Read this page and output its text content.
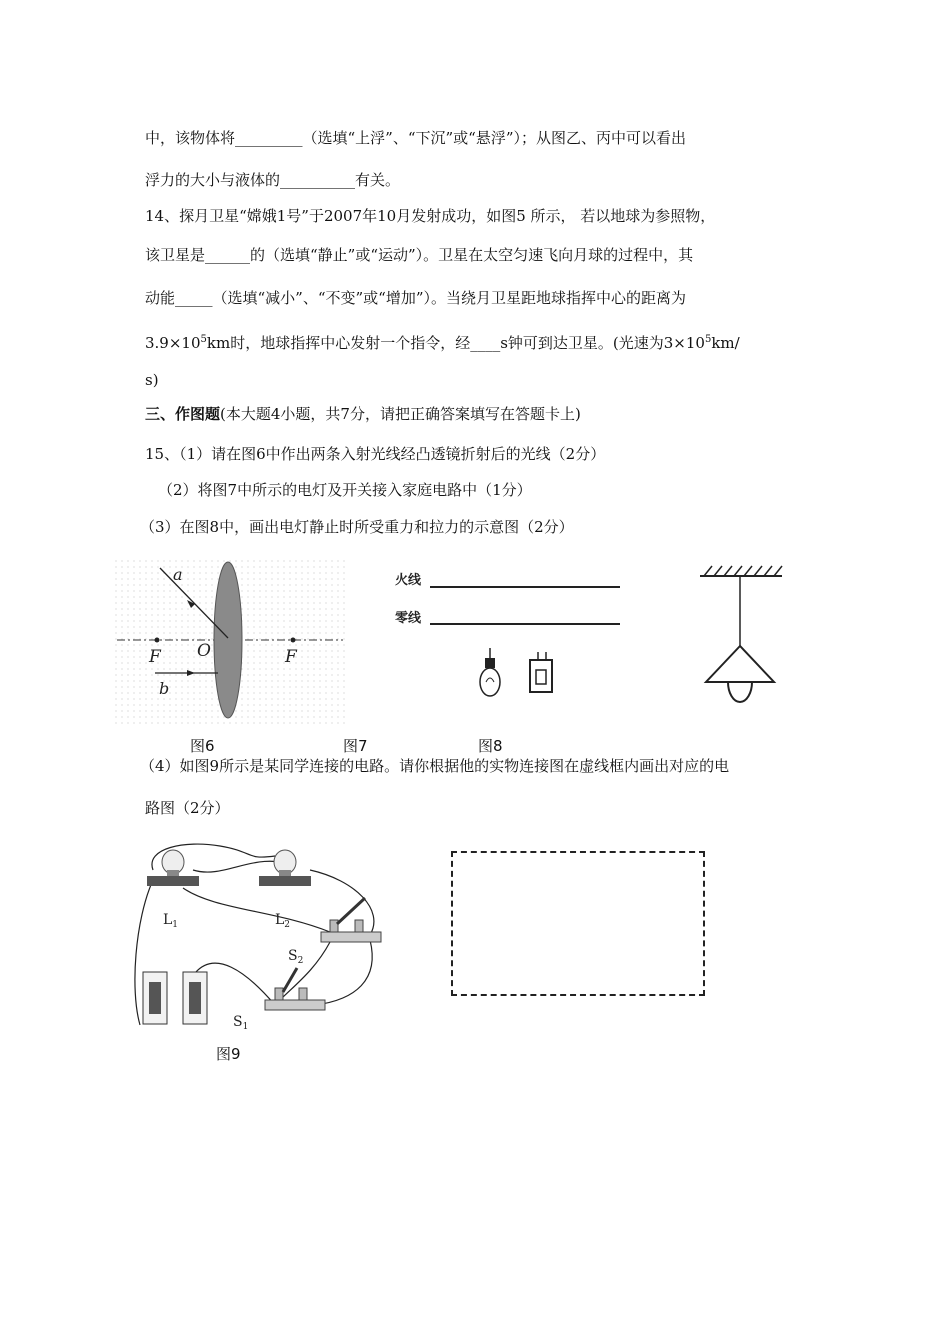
中，该物体将_________（选填“上浮”、“下沉”或“悬浮”）；从图乙、丙中可以看出
浮力的大小与液体的__________有关。
14、探月卫星“嫦娥1号”于2007年10月发射成功，如图5 所示， 若以地球为参照物，
该卫星是______的（选填“静止”或“运动”）。卫星在太空匀速飞向月球的过程中，其
动能_____（选填“减小”、“不变”或“增加”）。当绕月卫星距地球指挥中心的距离为
$3.9\times 10^5km$时，地球指挥中心发射一个指令，经____s钟可到达卫星。(光速为$3\times 10^5km/$
s)
三、作图题(本大题4小题，共7分，请把正确答案填写在答题卡上)
15、（1）请在图6中作出两条入射光线经凸透镜折射后的光线（2分）
（2）将图7中所示的电灯及开关接入家庭电路中（1分）
（3）在图8中，画出电灯静止时所受重力和拉力的示意图（2分）
a
b
F O	F
火线
零线
图6	图7	图8
（4）如图9所示是某同学连接的电路。请你根据他的实物连接图在虚线框内画出对应的电
路图（2分）
$L_1$	$L_2$
$S_2$
$S_1$
图9
